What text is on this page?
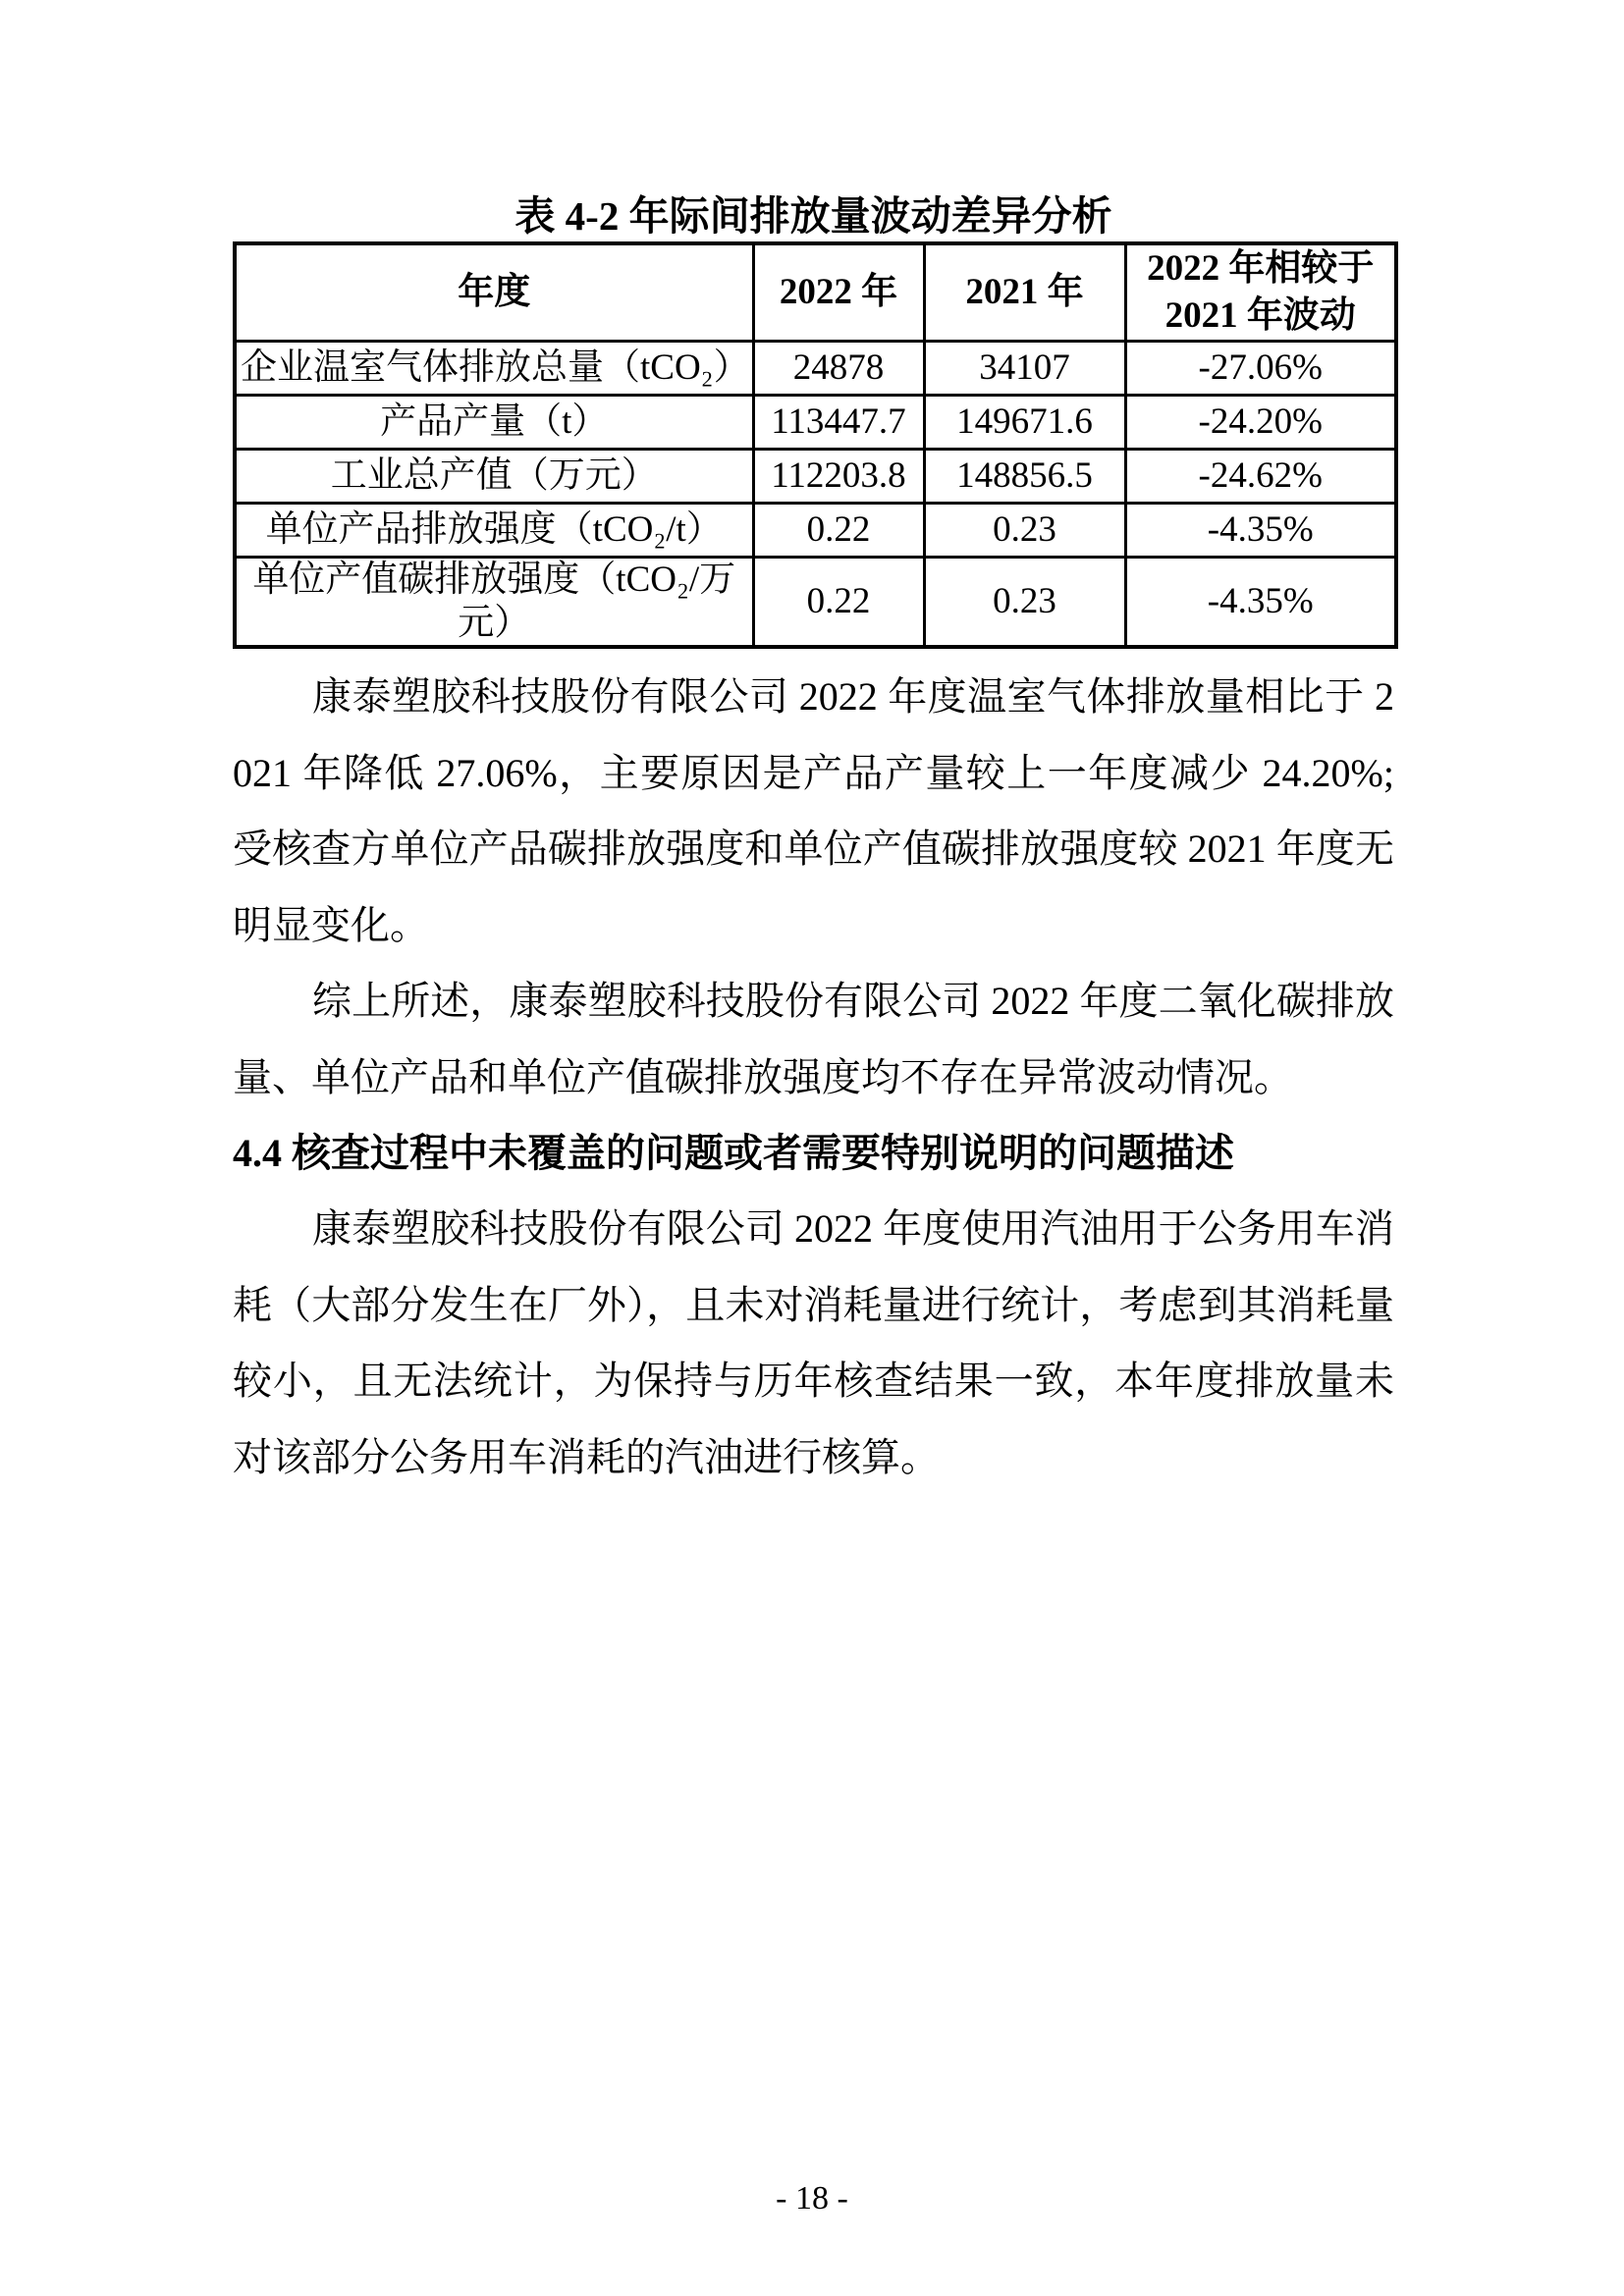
表 4-2 年际间排放量波动差异分析
年度	2022 年	2021 年	2022 年相较于 2021 年波动
企业温室气体排放总量（tCO₂）	24878	34107	-27.06%
产品产量（t）	113447.7	149671.6	-24.20%
工业总产值（万元）	112203.8	148856.5	-24.62%
单位产品排放强度（tCO₂/t）	0.22	0.23	-4.35%
单位产值碳排放强度（tCO₂/万元）	0.22	0.23	-4.35%

康泰塑胶科技股份有限公司 2022 年度温室气体排放量相比于 2021 年降低 27.06%，主要原因是产品产量较上一年度减少 24.20%;受核查方单位产品碳排放强度和单位产值碳排放强度较 2021 年度无明显变化。

综上所述，康泰塑胶科技股份有限公司 2022 年度二氧化碳排放量、单位产品和单位产值碳排放强度均不存在异常波动情况。

4.4 核查过程中未覆盖的问题或者需要特别说明的问题描述

康泰塑胶科技股份有限公司 2022 年度使用汽油用于公务用车消耗（大部分发生在厂外），且未对消耗量进行统计，考虑到其消耗量较小，且无法统计，为保持与历年核查结果一致，本年度排放量未对该部分公务用车消耗的汽油进行核算。

- 18 -
